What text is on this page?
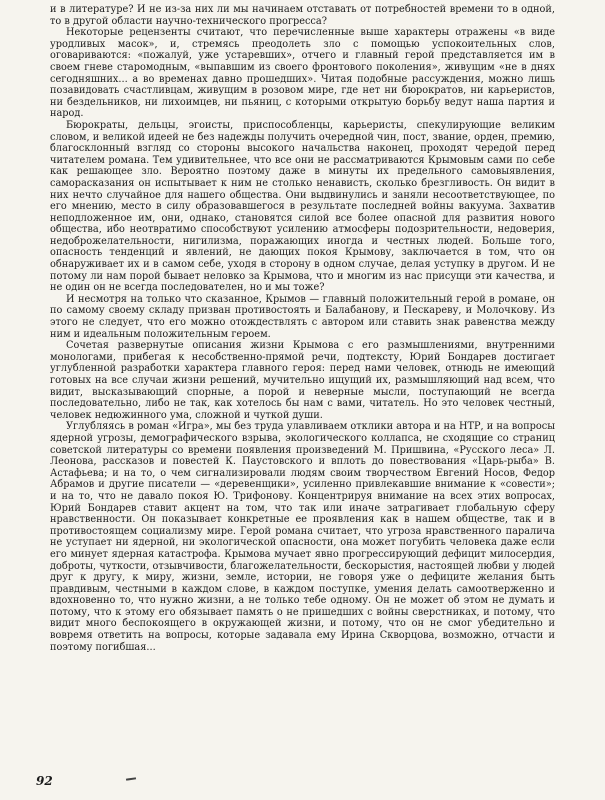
и в литературе? И не из-за них ли мы начинаем отставать от потребностей времени то в одной, то в другой области научно-технического прогресса?

Некоторые рецензенты считают, что перечисленные выше характеры отражены «в виде уродливых масок», и, стремясь преодолеть зло с помощью успокоительных слов, оговариваются: «пожалуй, уже устаревших», отчего и главный герой представляется им в своем гневе старомодным, «выпавшим из своего фронтового поколения», живущим «не в днях сегодняшних... а во временах давно прошедших». Читая подобные рассуждения, можно лишь позавидовать счастливцам, живущим в розовом мире, где нет ни бюрократов, ни карьеристов, ни бездельников, ни лихоимцев, ни пьяниц, с которыми открытую борьбу ведут наша партия и народ.

Бюрократы, дельцы, эгоисты, приспособленцы, карьеристы, спекулирующие великим словом, и великой идеей не без надежды получить очередной чин, пост, звание, орден, премию, благосклонный взгляд со стороны высокого начальства наконец, проходят чередой перед читателем романа. Тем удивительнее, что все они не рассматриваются Крымовым сами по себе как решающее зло. Вероятно поэтому даже в минуты их предельного самовыявления, саморасказания он испытывает к ним не столько ненависть, сколько брезгливость. Он видит в них нечто случайное для нашего общества. Они выдвинулись и заняли несоответствующее, по его мнению, место в силу образовавшегося в результате последней войны вакуума. Захватив неподложенное им, они, однако, становятся силой все более опасной для развития нового общества, ибо неотвратимо способствуют усилению атмосферы подозрительности, недоверия, недоброжелательности, нигилизма, поражающих иногда и честных людей. Больше того, опасность тенденций и явлений, не дающих покоя Крымову, заключается в том, что он обнаруживает их и в самом себе, уходя в сторону в одном случае, делая уступку в другом. И не потому ли нам порой бывает неловко за Крымова, что и многим из нас присущи эти качества, и не один он не всегда последователен, но и мы тоже?

И несмотря на только что сказанное, Крымов — главный положительный герой в романе, он по самому своему складу призван противостоять и Балабанову, и Пескареву, и Молочкову. Из этого не следует, что его можно отождествлять с автором или ставить знак равенства между ним и идеальным положительным героем.

Сочетая развернутые описания жизни Крымова с его размышлениями, внутренними монологами, прибегая к несобственно-прямой речи, подтексту, Юрий Бондарев достигает углубленной разработки характера главного героя: перед нами человек, отнюдь не имеющий готовых на все случаи жизни решений, мучительно ищущий их, размышляющий над всем, что видит, высказывающий спорные, а порой и неверные мысли, поступающий не всегда последовательно, либо не так, как хотелось бы нам с вами, читатель. Но это человек честный, человек недюжинного ума, сложной и чуткой души.

Углубляясь в роман «Игра», мы без труда улавливаем отклики автора и на НТР, и на вопросы ядерной угрозы, демографического взрыва, экологического коллапса, не сходящие со страниц советской литературы со времени появления произведений М. Пришвина, «Русского леса» Л. Леонова, рассказов и повестей К. Паустовского и вплоть до повествования «Царь-рыба» В. Астафьева; и на то, о чем сигнализировали людям своим творчеством Евгений Носов, Федор Абрамов и другие писатели — «деревенщики», усиленно привлекавшие внимание к «совести»; и на то, что не давало покоя Ю. Трифонову. Концентрируя внимание на всех этих вопросах, Юрий Бондарев ставит акцент на том, что так или иначе затрагивает глобальную сферу нравственности. Он показывает конкретные ее проявления как в нашем обществе, так и в противостоящем социализму мире. Герой романа считает, что угроза нравственного паралича не уступает ни ядерной, ни экологической опасности, она может погубить человека даже если его минует ядерная катастрофа. Крымова мучает явно прогрессирующий дефицит милосердия, доброты, чуткости, отзывчивости, благожелательности, бескорыстия, настоящей любви у людей друг к другу, к миру, жизни, земле, истории, не говоря уже о дефиците желания быть правдивым, честными в каждом слове, в каждом поступке, умения делать самоотверженно и вдохновенно то, что нужно жизни, а не только тебе одному. Он не может об этом не думать и потому, что к этому его обязывает память о не пришедших с войны сверстниках, и потому, что видит много беспокоящего в окружающей жизни, и потому, что он не смог убедительно и вовремя ответить на вопросы, которые задавала ему Ирина Скворцова, возможно, отчасти и поэтому погибшая...

92
